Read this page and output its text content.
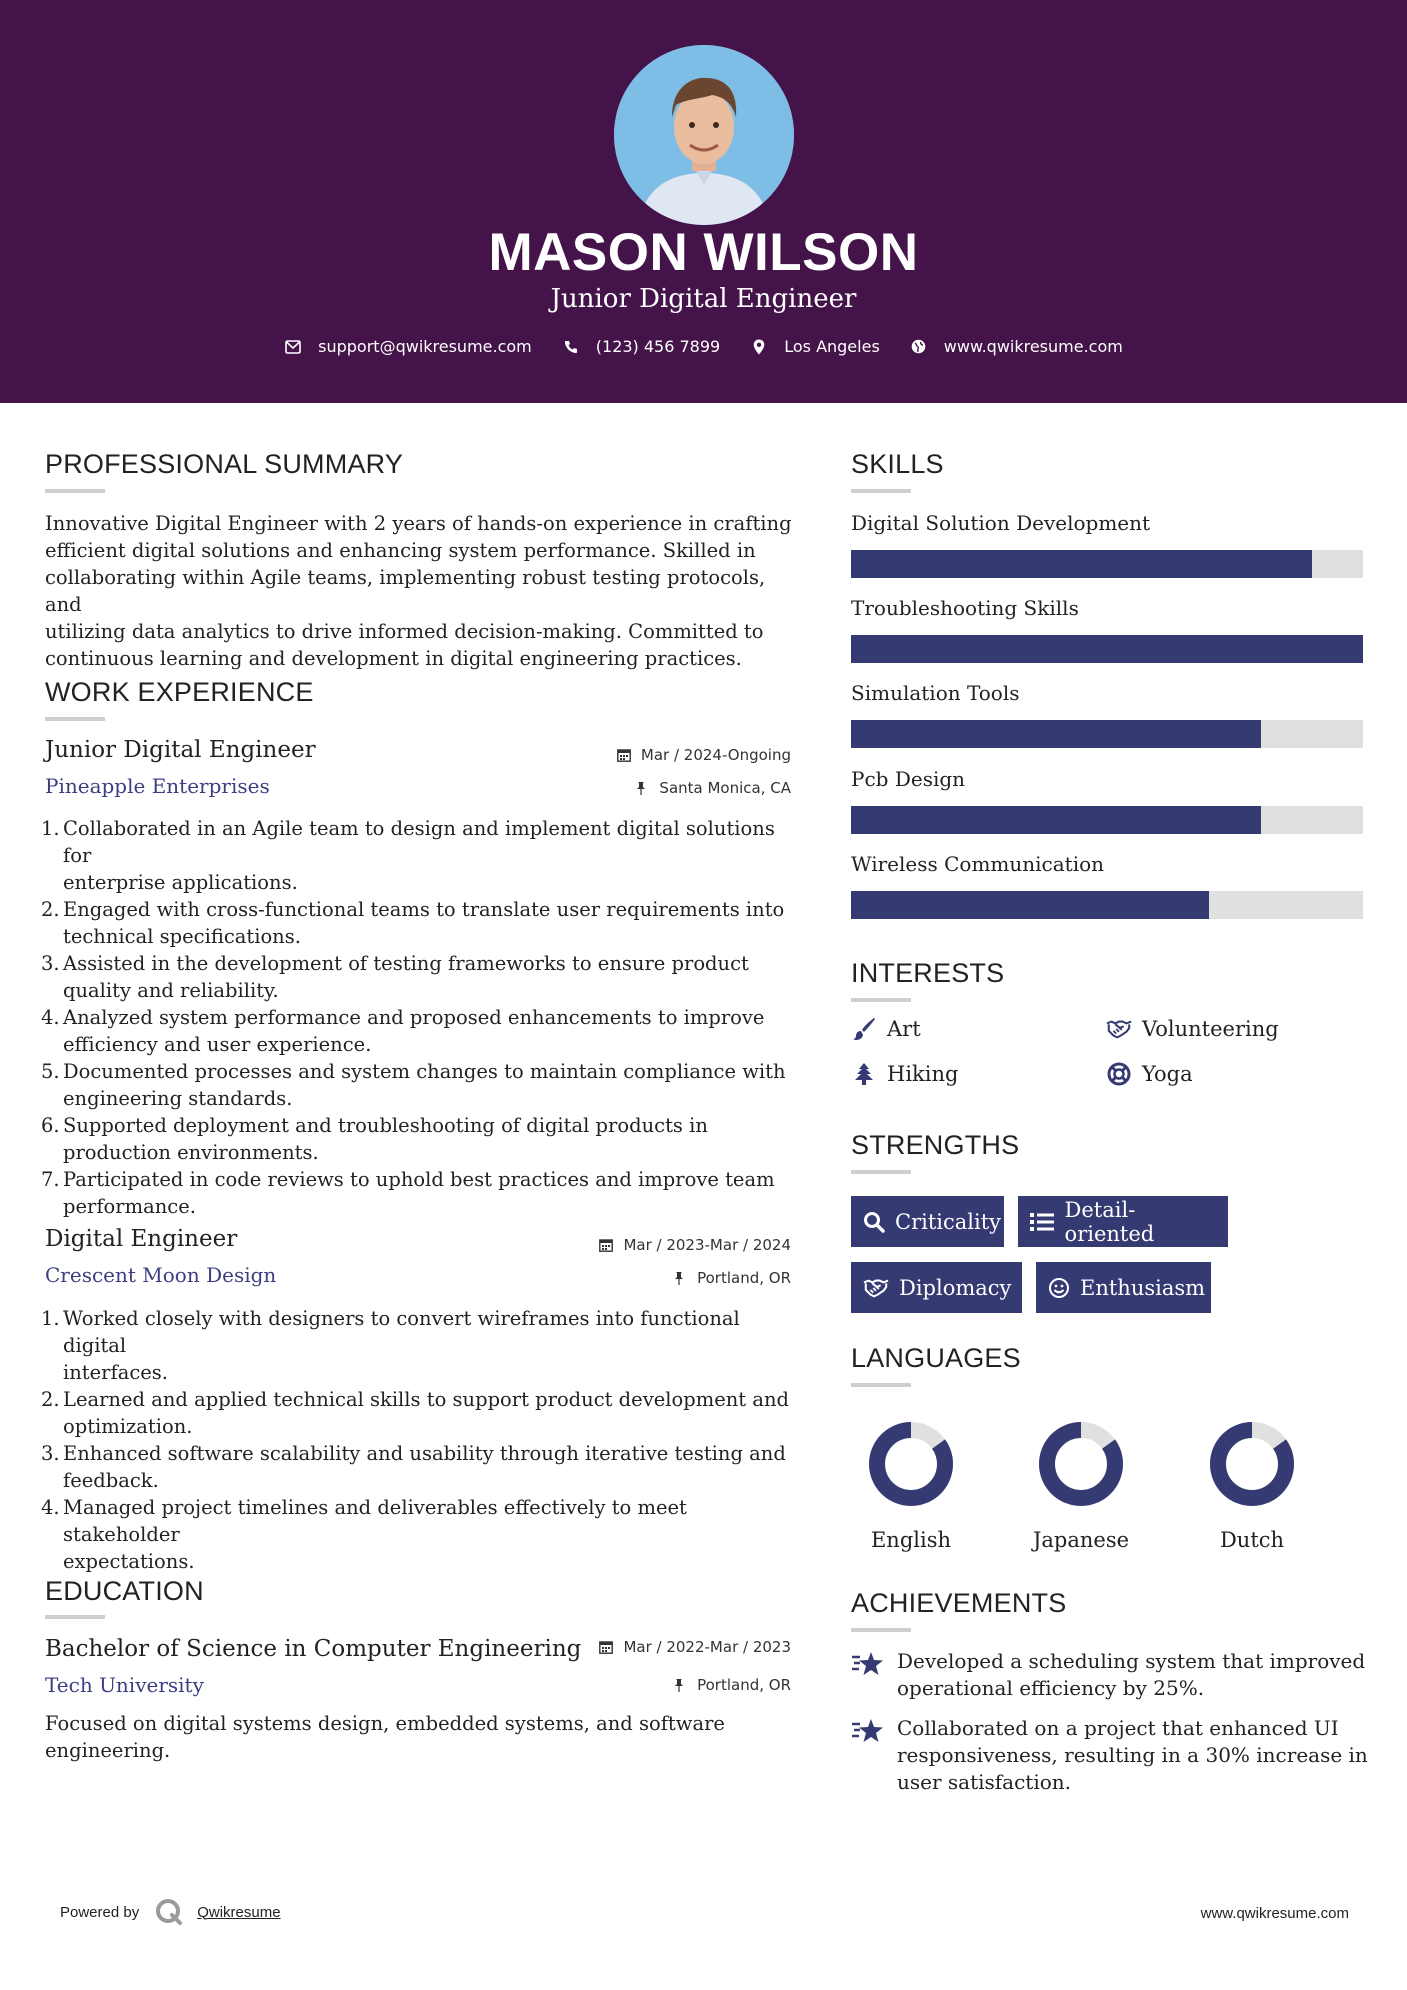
MASON WILSON
Junior Digital Engineer
support@qwikresume.com	(123) 456 7899	Los Angeles	www.qwikresume.com
PROFESSIONAL SUMMARY
Innovative Digital Engineer with 2 years of hands-on experience in crafting
efficient digital solutions and enhancing system performance. Skilled in
collaborating within Agile teams, implementing robust testing protocols, and
utilizing data analytics to drive informed decision-making. Committed to
continuous learning and development in digital engineering practices.
WORK EXPERIENCE
Junior Digital Engineer
Pineapple Enterprises
Mar / 2024-Ongoing
Santa Monica, CA
1. Collaborated in an Agile team to design and implement digital solutions for
enterprise applications.
2. Engaged with cross-functional teams to translate user requirements into
technical specifications.
3. Assisted in the development of testing frameworks to ensure product
quality and reliability.
4. Analyzed system performance and proposed enhancements to improve
efficiency and user experience.
5. Documented processes and system changes to maintain compliance with
engineering standards.
6. Supported deployment and troubleshooting of digital products in
production environments.
7. Participated in code reviews to uphold best practices and improve team
performance.
Digital Engineer
Crescent Moon Design
Mar / 2023-Mar / 2024
Portland, OR
1. Worked closely with designers to convert wireframes into functional digital
interfaces.
2. Learned and applied technical skills to support product development and
optimization.
3. Enhanced software scalability and usability through iterative testing and
feedback.
4. Managed project timelines and deliverables effectively to meet stakeholder
expectations.
EDUCATION
Bachelor of Science in Computer Engineering
Tech University
Mar / 2022-Mar / 2023
Portland, OR
Focused on digital systems design, embedded systems, and software
engineering.
SKILLS
Digital Solution Development
Troubleshooting Skills
Simulation Tools
Pcb Design
Wireless Communication
INTERESTS
Art	Volunteering
Hiking	Yoga
STRENGTHS
Criticality	Detail-oriented
Diplomacy	Enthusiasm
LANGUAGES
English	Japanese	Dutch
ACHIEVEMENTS
Developed a scheduling system that improved
operational efficiency by 25%.
Collaborated on a project that enhanced UI
responsiveness, resulting in a 30% increase in
user satisfaction.
Powered by	Qwikresume	www.qwikresume.com
